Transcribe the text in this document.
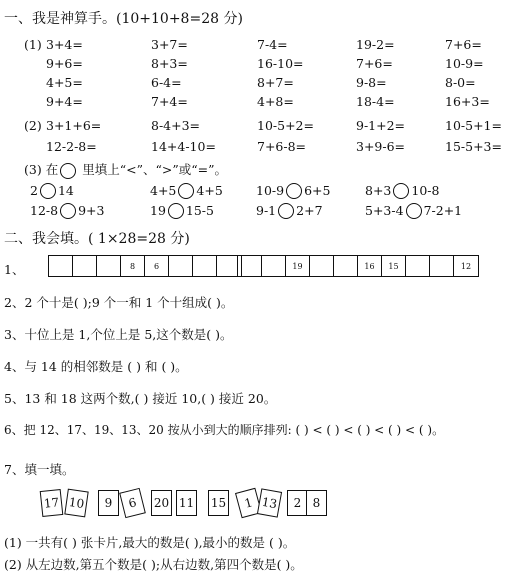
一、我是神算手。(10+10+8=28 分)
(1) 3+4=	3+7=	7-4=	19-2=	7+6=
9+6=	8+3=	16-10=	7+6=	10-9=
4+5=	6-4=	8+7=	9-8=	8-0=
9+4=	7+4=	4+8=	18-4=	16+3=
(2) 3+1+6=	8-4+3=	10-5+2=	9-1+2=	10-5+1=
12-2-8=	14+4-10=	7+6-8=	3+9-6=	15-5+3=
(3) 在 里填上“<”、“>”或“=”。
2 14	4+5 4+5	10-9 6+5	8+3 10-8
12-8 9+3	19 15-5	9-1 2+7	5+3-4 7-2+1
二、我会填。( 1×28=28 分)
1、	8	6	19	16	15	12
2、2 个十是( );9 个一和 1 个十组成( )。
3、十位上是 1,个位上是 5,这个数是( )。
4、与 14 的相邻数是 ( ) 和 ( )。
5、13 和 18 这两个数,( ) 接近 10,( ) 接近 20。
6、把 12、17、19、13、20 按从小到大的顺序排列: ( ) < ( ) < ( ) < ( ) < ( )。
7、填一填。
17 10	9	6	20 11 15	1 13	2 8
(1) 一共有( ) 张卡片,最大的数是( ),最小的数是 ( )。
(2) 从左边数,第五个数是( );从右边数,第四个数是( )。
